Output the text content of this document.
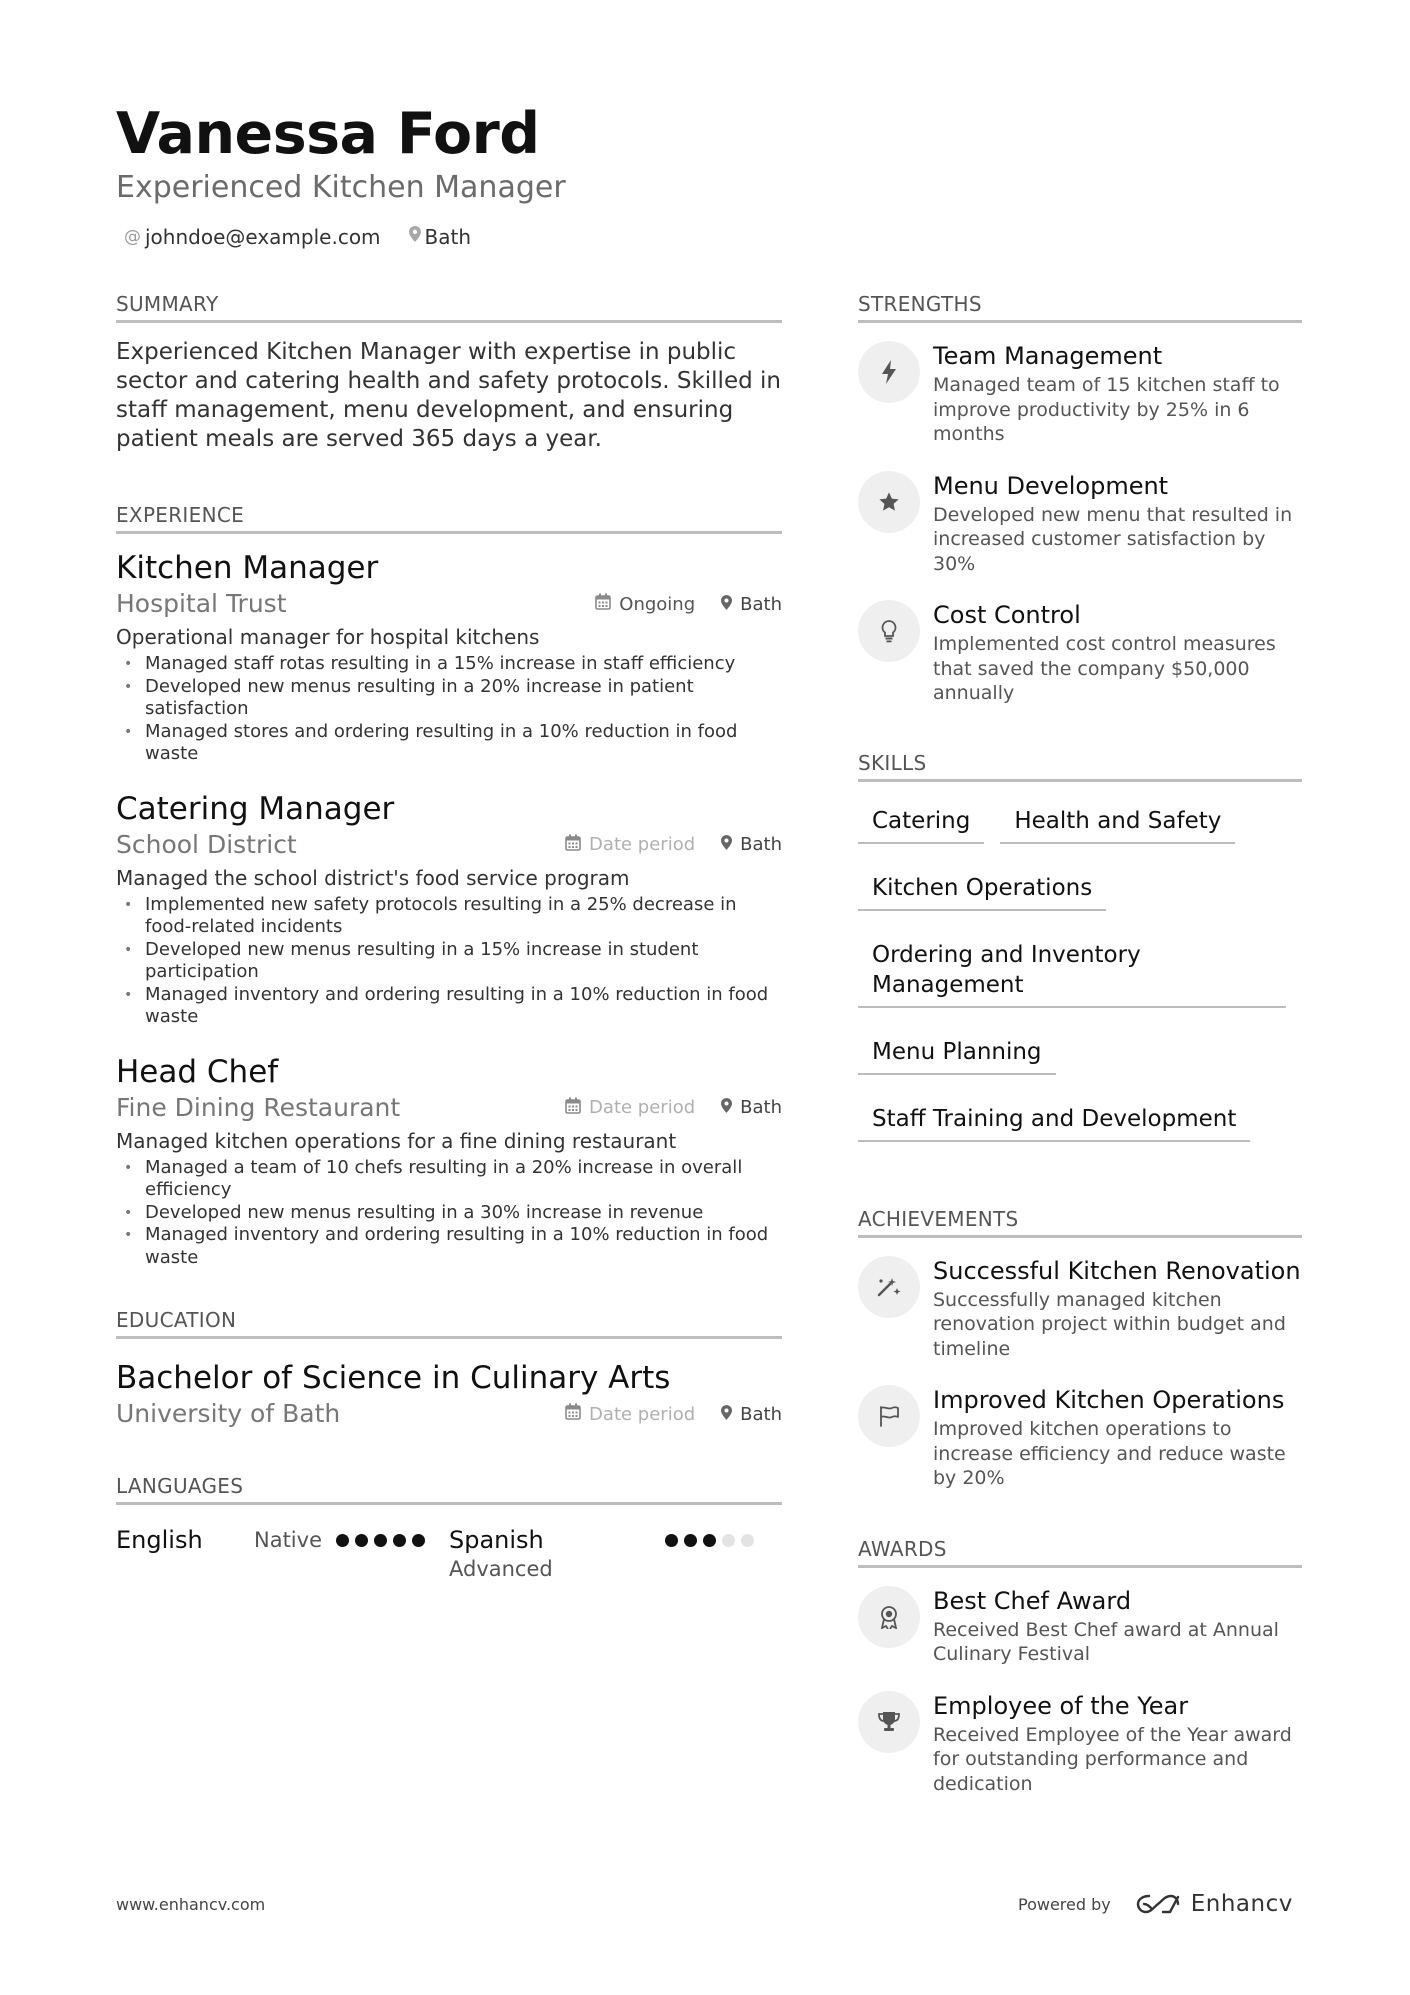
Vanessa Ford
Experienced Kitchen Manager
@ johndoe@example.com Bath
SUMMARY
Experienced Kitchen Manager with expertise in public sector and catering health and safety protocols. Skilled in staff management, menu development, and ensuring patient meals are served 365 days a year.
EXPERIENCE
Kitchen Manager
Hospital Trust	Ongoing	Bath
Operational manager for hospital kitchens
• Managed staff rotas resulting in a 15% increase in staff efficiency
• Developed new menus resulting in a 20% increase in patient satisfaction
• Managed stores and ordering resulting in a 10% reduction in food waste
Catering Manager
School District	Date period	Bath
Managed the school district's food service program
• Implemented new safety protocols resulting in a 25% decrease in food-related incidents
• Developed new menus resulting in a 15% increase in student participation
• Managed inventory and ordering resulting in a 10% reduction in food waste
Head Chef
Fine Dining Restaurant	Date period	Bath
Managed kitchen operations for a fine dining restaurant
• Managed a team of 10 chefs resulting in a 20% increase in overall efficiency
• Developed new menus resulting in a 30% increase in revenue
• Managed inventory and ordering resulting in a 10% reduction in food waste
EDUCATION
Bachelor of Science in Culinary Arts
University of Bath	Date period	Bath
LANGUAGES
English	Native	Spanish
Advanced
STRENGTHS
Team Management
Managed team of 15 kitchen staff to improve productivity by 25% in 6 months
Menu Development
Developed new menu that resulted in increased customer satisfaction by 30%
Cost Control
Implemented cost control measures that saved the company $50,000 annually
SKILLS
Catering	Health and Safety
Kitchen Operations
Ordering and Inventory Management
Menu Planning
Staff Training and Development
ACHIEVEMENTS
Successful Kitchen Renovation
Successfully managed kitchen renovation project within budget and timeline
Improved Kitchen Operations
Improved kitchen operations to increase efficiency and reduce waste by 20%
AWARDS
Best Chef Award
Received Best Chef award at Annual Culinary Festival
Employee of the Year
Received Employee of the Year award for outstanding performance and dedication
www.enhancv.com	Powered by	Enhancv
